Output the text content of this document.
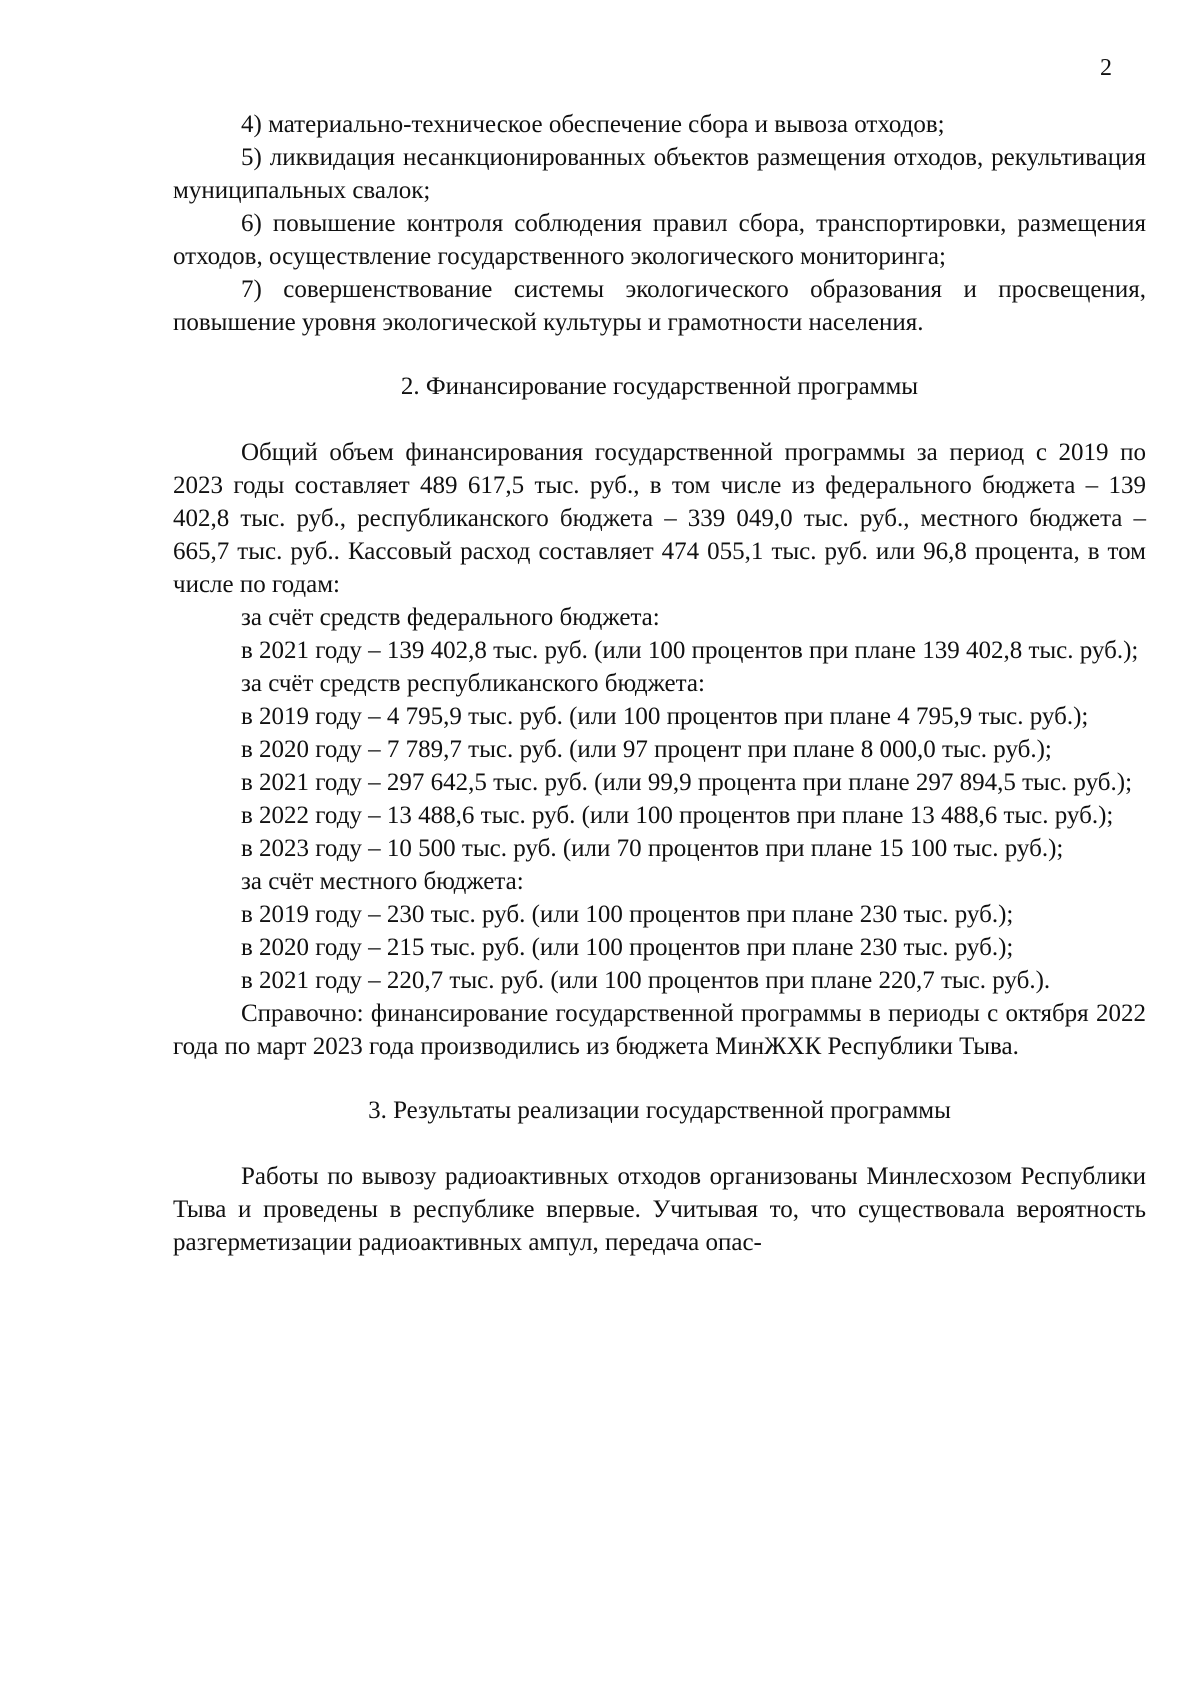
2

4) материально-техническое обеспечение сбора и вывоза отходов;

5) ликвидация несанкционированных объектов размещения отходов, рекультивация муниципальных свалок;

6) повышение контроля соблюдения правил сбора, транспортировки, размещения отходов, осуществление государственного экологического мониторинга;

7) совершенствование системы экологического образования и просвещения, повышение уровня экологической культуры и грамотности населения.

2. Финансирование государственной программы

Общий объем финансирования государственной программы за период с 2019 по 2023 годы составляет 489 617,5 тыс. руб., в том числе из федерального бюджета – 139 402,8 тыс. руб., республиканского бюджета – 339 049,0 тыс. руб., местного бюджета – 665,7 тыс. руб.. Кассовый расход составляет 474 055,1 тыс. руб. или 96,8 процента, в том числе по годам:

за счёт средств федерального бюджета:

в 2021 году – 139 402,8 тыс. руб. (или 100 процентов при плане 139 402,8 тыс. руб.);

за счёт средств республиканского бюджета:

в 2019 году – 4 795,9 тыс. руб. (или 100 процентов при плане 4 795,9 тыс. руб.);

в 2020 году – 7 789,7 тыс. руб. (или 97 процент при плане 8 000,0 тыс. руб.);

в 2021 году – 297 642,5 тыс. руб. (или 99,9 процента при плане 297 894,5 тыс. руб.);

в 2022 году – 13 488,6 тыс. руб. (или 100 процентов при плане 13 488,6 тыс. руб.);

в 2023 году – 10 500 тыс. руб. (или 70 процентов при плане 15 100 тыс. руб.);

за счёт местного бюджета:

в 2019 году – 230 тыс. руб. (или 100 процентов при плане 230 тыс. руб.);

в 2020 году – 215 тыс. руб. (или 100 процентов при плане 230 тыс. руб.);

в 2021 году – 220,7 тыс. руб. (или 100 процентов при плане 220,7 тыс. руб.).

Справочно: финансирование государственной программы в периоды с октября 2022 года по март 2023 года производились из бюджета МинЖХК Республики Тыва.

3. Результаты реализации государственной программы

Работы по вывозу радиоактивных отходов организованы Минлесхозом Республики Тыва и проведены в республике впервые. Учитывая то, что существовала вероятность разгерметизации радиоактивных ампул, передача опас-
